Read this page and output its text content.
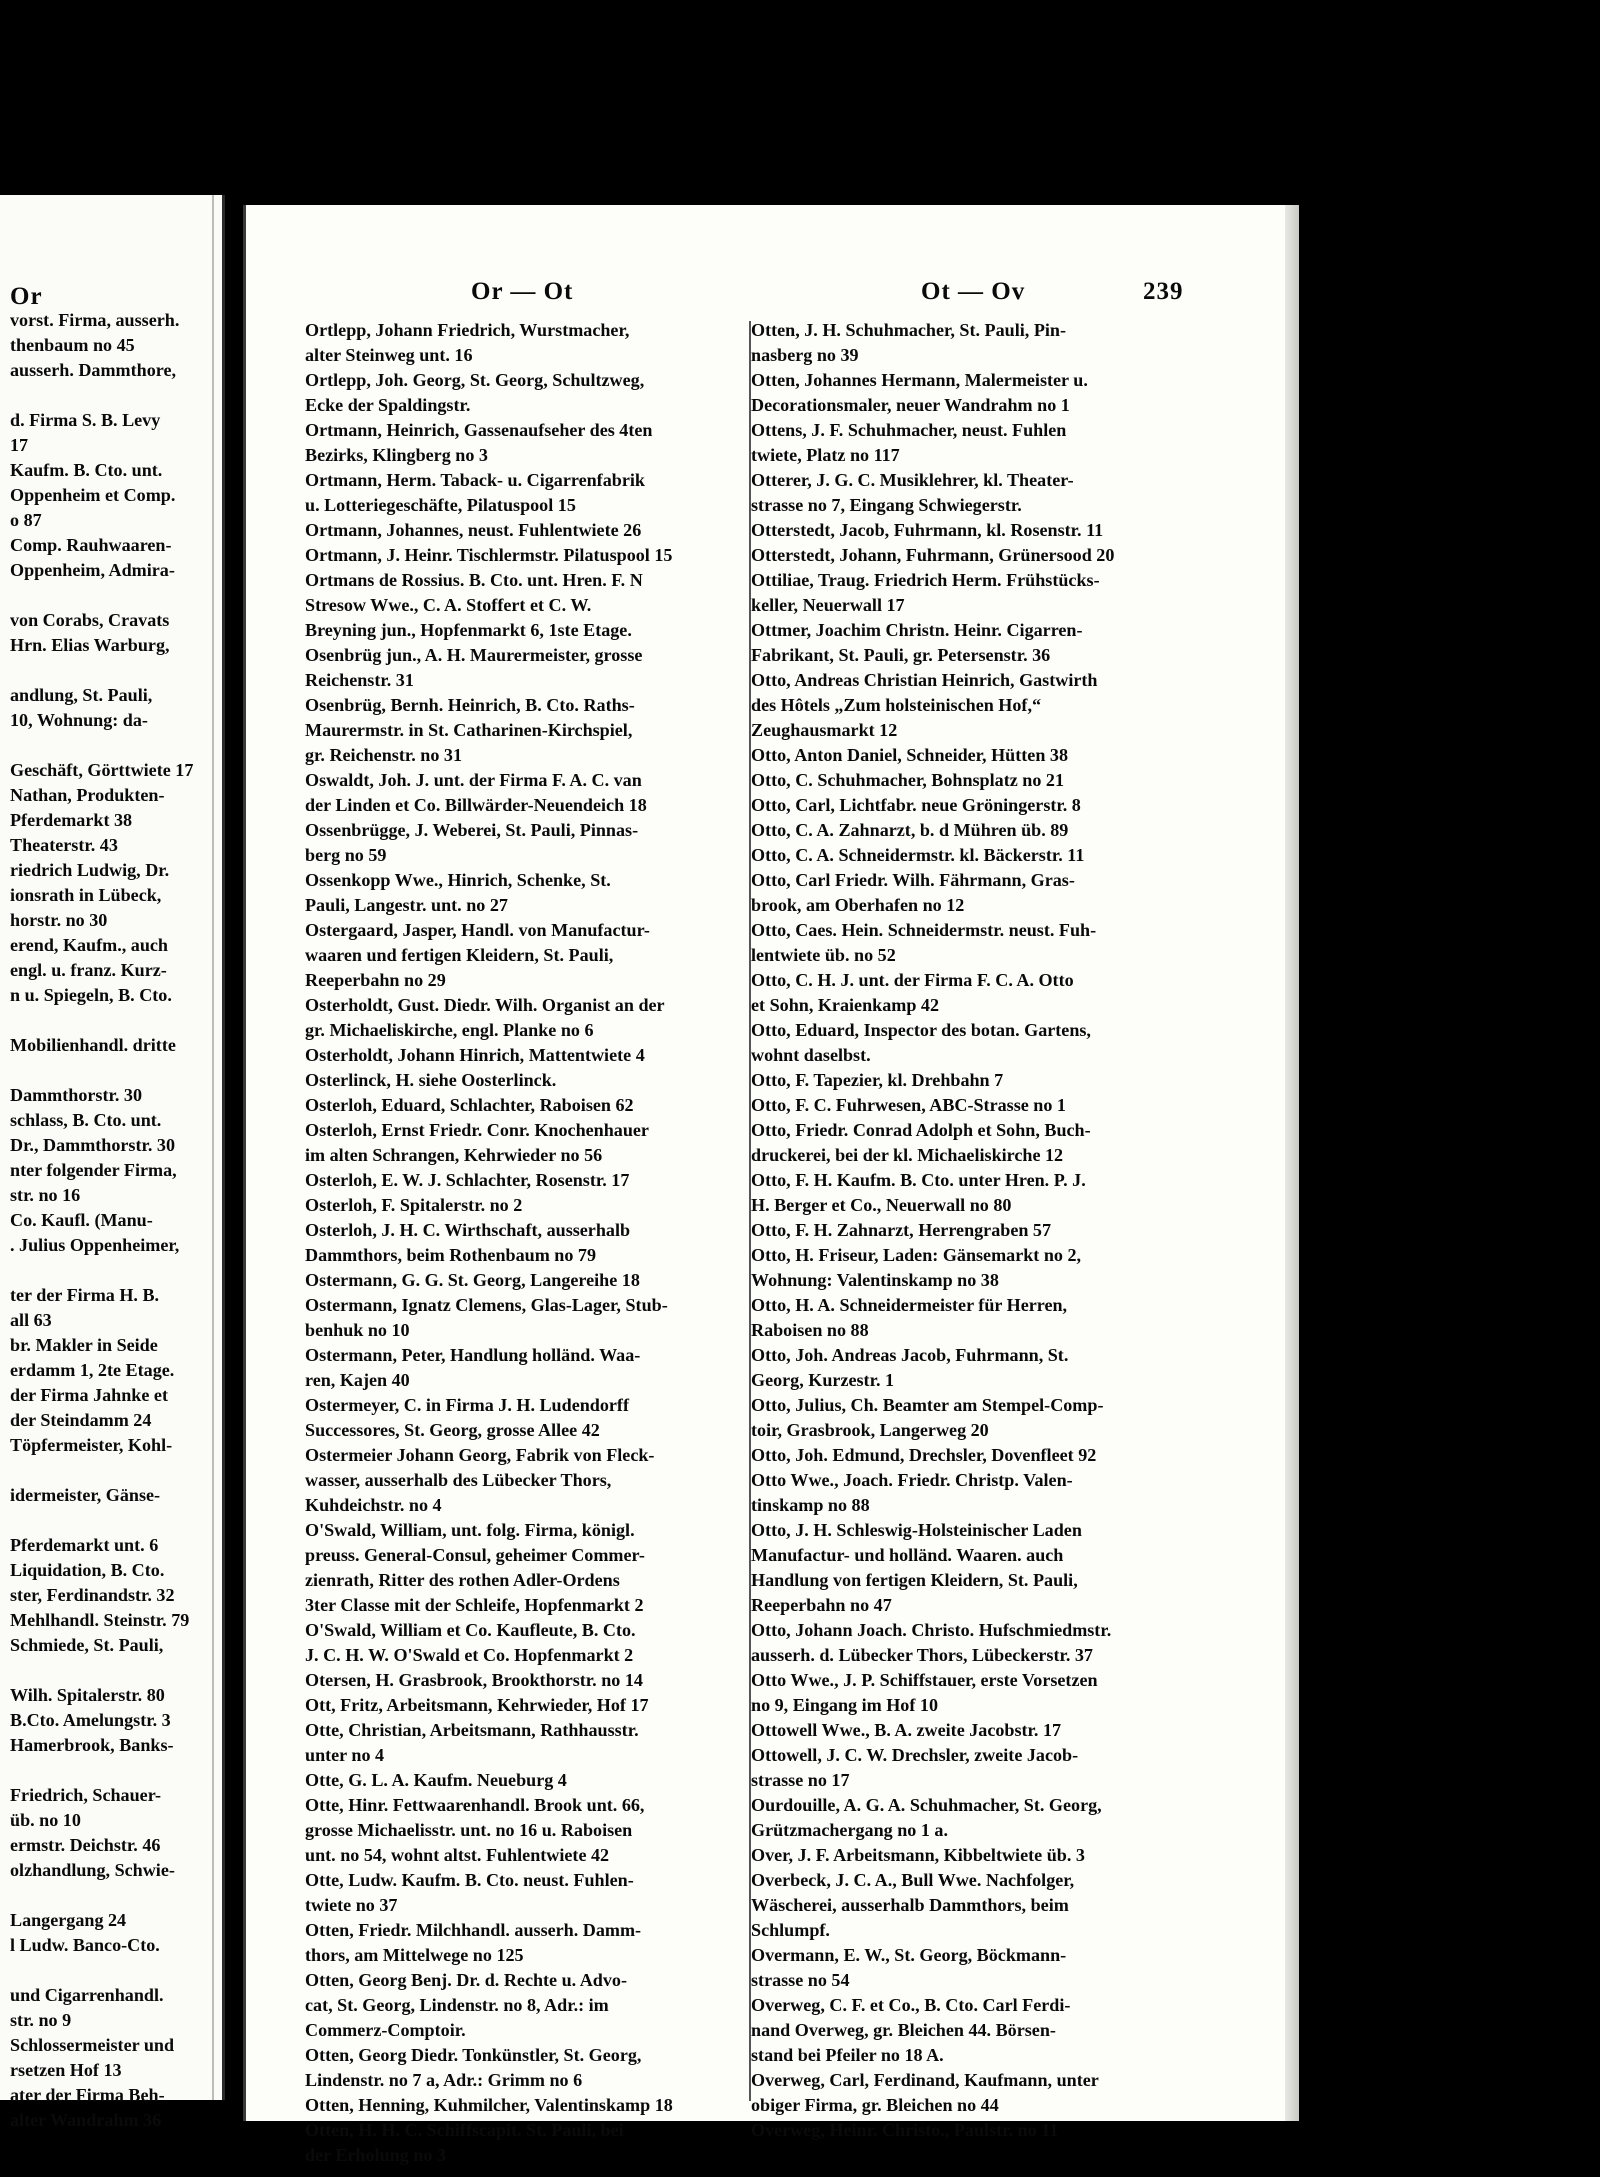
Or
vorst. Firma, ausserh.
thenbaum no 45
ausserh. Dammthore,
d. Firma S. B. Levy
17
Kaufm. B. Cto. unt.
Oppenheim et Comp.
o 87
Comp. Rauhwaaren-
Oppenheim, Admira-
von Corabs, Cravats
Hrn. Elias Warburg,
andlung, St. Pauli,
10, Wohnung: da-
Geschäft, Görttwiete 17
Nathan, Produkten-
Pferdemarkt 38
Theaterstr. 43
riedrich Ludwig, Dr.
ionsrath in Lübeck,
horstr. no 30
erend, Kaufm., auch
engl. u. franz. Kurz-
n u. Spiegeln, B. Cto.
Mobilienhandl. dritte
Dammthorstr. 30
schlass, B. Cto. unt.
Dr., Dammthorstr. 30
nter folgender Firma,
str. no 16
Co. Kaufl. (Manu-
. Julius Oppenheimer,
ter der Firma H. B.
all 63
br. Makler in Seide
erdamm 1, 2te Etage.
der Firma Jahnke et
der Steindamm 24
Töpfermeister, Kohl-
idermeister, Gänse-
Pferdemarkt unt. 6
Liquidation, B. Cto.
ster, Ferdinandstr. 32
Mehlhandl. Steinstr. 79
Schmiede, St. Pauli,
Wilh. Spitalerstr. 80
B.Cto. Amelungstr. 3
Hamerbrook, Banks-
Friedrich, Schauer-
üb. no 10
ermstr. Deichstr. 46
olzhandlung, Schwie-
Langergang 24
l Ludw. Banco-Cto.
und Cigarrenhandl.
str. no 9
Schlossermeister und
rsetzen Hof 13
ater der Firma Beh-
alter Wandrahm 36
Or — Ot	Ot — Ov	239
Ortlepp, Johann Friedrich, Wurstmacher,
alter Steinweg unt. 16
Ortlepp, Joh. Georg, St. Georg, Schultzweg,
Ecke der Spaldingstr.
Ortmann, Heinrich, Gassenaufseher des 4ten
Bezirks, Klingberg no 3
Ortmann, Herm. Taback- u. Cigarrenfabrik
u. Lotteriegeschäfte, Pilatuspool 15
Ortmann, Johannes, neust. Fuhlentwiete 26
Ortmann, J. Heinr. Tischlermstr. Pilatuspool 15
Ortmans de Rossius. B. Cto. unt. Hren. F. N
Stresow Wwe., C. A. Stoffert et C. W.
Breyning jun., Hopfenmarkt 6, 1ste Etage.
Osenbrüg jun., A. H. Maurermeister, grosse
Reichenstr. 31
Osenbrüg, Bernh. Heinrich, B. Cto. Raths-
Maurermstr. in St. Catharinen-Kirchspiel,
gr. Reichenstr. no 31
Oswaldt, Joh. J. unt. der Firma F. A. C. van
der Linden et Co. Billwärder-Neuendeich 18
Ossenbrügge, J. Weberei, St. Pauli, Pinnas-
berg no 59
Ossenkopp Wwe., Hinrich, Schenke, St.
Pauli, Langestr. unt. no 27
Ostergaard, Jasper, Handl. von Manufactur-
waaren und fertigen Kleidern, St. Pauli,
Reeperbahn no 29
Osterholdt, Gust. Diedr. Wilh. Organist an der
gr. Michaeliskirche, engl. Planke no 6
Osterholdt, Johann Hinrich, Mattentwiete 4
Osterlinck, H. siehe Oosterlinck.
Osterloh, Eduard, Schlachter, Raboisen 62
Osterloh, Ernst Friedr. Conr. Knochenhauer
im alten Schrangen, Kehrwieder no 56
Osterloh, E. W. J. Schlachter, Rosenstr. 17
Osterloh, F. Spitalerstr. no 2
Osterloh, J. H. C. Wirthschaft, ausserhalb
Dammthors, beim Rothenbaum no 79
Ostermann, G. G. St. Georg, Langereihe 18
Ostermann, Ignatz Clemens, Glas-Lager, Stub-
benhuk no 10
Ostermann, Peter, Handlung holländ. Waa-
ren, Kajen 40
Ostermeyer, C. in Firma J. H. Ludendorff
Successores, St. Georg, grosse Allee 42
Ostermeier Johann Georg, Fabrik von Fleck-
wasser, ausserhalb des Lübecker Thors,
Kuhdeichstr. no 4
O'Swald, William, unt. folg. Firma, königl.
preuss. General-Consul, geheimer Commer-
zienrath, Ritter des rothen Adler-Ordens
3ter Classe mit der Schleife, Hopfenmarkt 2
O'Swald, William et Co. Kaufleute, B. Cto.
J. C. H. W. O'Swald et Co. Hopfenmarkt 2
Otersen, H. Grasbrook, Brookthorstr. no 14
Ott, Fritz, Arbeitsmann, Kehrwieder, Hof 17
Otte, Christian, Arbeitsmann, Rathhausstr.
unter no 4
Otte, G. L. A. Kaufm. Neueburg 4
Otte, Hinr. Fettwaarenhandl. Brook unt. 66,
grosse Michaelisstr. unt. no 16 u. Raboisen
unt. no 54, wohnt altst. Fuhlentwiete 42
Otte, Ludw. Kaufm. B. Cto. neust. Fuhlen-
twiete no 37
Otten, Friedr. Milchhandl. ausserh. Damm-
thors, am Mittelwege no 125
Otten, Georg Benj. Dr. d. Rechte u. Advo-
cat, St. Georg, Lindenstr. no 8, Adr.: im
Commerz-Comptoir.
Otten, Georg Diedr. Tonkünstler, St. Georg,
Lindenstr. no 7 a, Adr.: Grimm no 6
Otten, Henning, Kuhmilcher, Valentinskamp 18
Otten, H. H. C. Schiffscapit. St. Pauli, bei
der Erholung no 3
Otten, J. H. Schuhmacher, St. Pauli, Pin-
nasberg no 39
Otten, Johannes Hermann, Malermeister u.
Decorationsmaler, neuer Wandrahm no 1
Ottens, J. F. Schuhmacher, neust. Fuhlen
twiete, Platz no 117
Otterer, J. G. C. Musiklehrer, kl. Theater-
strasse no 7, Eingang Schwiegerstr.
Otterstedt, Jacob, Fuhrmann, kl. Rosenstr. 11
Otterstedt, Johann, Fuhrmann, Grünersood 20
Ottiliae, Traug. Friedrich Herm. Frühstücks-
keller, Neuerwall 17
Ottmer, Joachim Christn. Heinr. Cigarren-
Fabrikant, St. Pauli, gr. Petersenstr. 36
Otto, Andreas Christian Heinrich, Gastwirth
des Hôtels „Zum holsteinischen Hof,“
Zeughausmarkt 12
Otto, Anton Daniel, Schneider, Hütten 38
Otto, C. Schuhmacher, Bohnsplatz no 21
Otto, Carl, Lichtfabr. neue Gröningerstr. 8
Otto, C. A. Zahnarzt, b. d Mühren üb. 89
Otto, C. A. Schneidermstr. kl. Bäckerstr. 11
Otto, Carl Friedr. Wilh. Fährmann, Gras-
brook, am Oberhafen no 12
Otto, Caes. Hein. Schneidermstr. neust. Fuh-
lentwiete üb. no 52
Otto, C. H. J. unt. der Firma F. C. A. Otto
et Sohn, Kraienkamp 42
Otto, Eduard, Inspector des botan. Gartens,
wohnt daselbst.
Otto, F. Tapezier, kl. Drehbahn 7
Otto, F. C. Fuhrwesen, ABC-Strasse no 1
Otto, Friedr. Conrad Adolph et Sohn, Buch-
druckerei, bei der kl. Michaeliskirche 12
Otto, F. H. Kaufm. B. Cto. unter Hren. P. J.
H. Berger et Co., Neuerwall no 80
Otto, F. H. Zahnarzt, Herrengraben 57
Otto, H. Friseur, Laden: Gänsemarkt no 2,
Wohnung: Valentinskamp no 38
Otto, H. A. Schneidermeister für Herren,
Raboisen no 88
Otto, Joh. Andreas Jacob, Fuhrmann, St.
Georg, Kurzestr. 1
Otto, Julius, Ch. Beamter am Stempel-Comp-
toir, Grasbrook, Langerweg 20
Otto, Joh. Edmund, Drechsler, Dovenfleet 92
Otto Wwe., Joach. Friedr. Christp. Valen-
tinskamp no 88
Otto, J. H. Schleswig-Holsteinischer Laden
Manufactur- und holländ. Waaren. auch
Handlung von fertigen Kleidern, St. Pauli,
Reeperbahn no 47
Otto, Johann Joach. Christo. Hufschmiedmstr.
ausserh. d. Lübecker Thors, Lübeckerstr. 37
Otto Wwe., J. P. Schiffstauer, erste Vorsetzen
no 9, Eingang im Hof 10
Ottowell Wwe., B. A. zweite Jacobstr. 17
Ottowell, J. C. W. Drechsler, zweite Jacob-
strasse no 17
Ourdouille, A. G. A. Schuhmacher, St. Georg,
Grützmachergang no 1 a.
Over, J. F. Arbeitsmann, Kibbeltwiete üb. 3
Overbeck, J. C. A., Bull Wwe. Nachfolger,
Wäscherei, ausserhalb Dammthors, beim
Schlumpf.
Overmann, E. W., St. Georg, Böckmann-
strasse no 54
Overweg, C. F. et Co., B. Cto. Carl Ferdi-
nand Overweg, gr. Bleichen 44. Börsen-
stand bei Pfeiler no 18 A.
Overweg, Carl, Ferdinand, Kaufmann, unter
obiger Firma, gr. Bleichen no 44
Overweg, Heinr. Christo., Paulstr. no 11
